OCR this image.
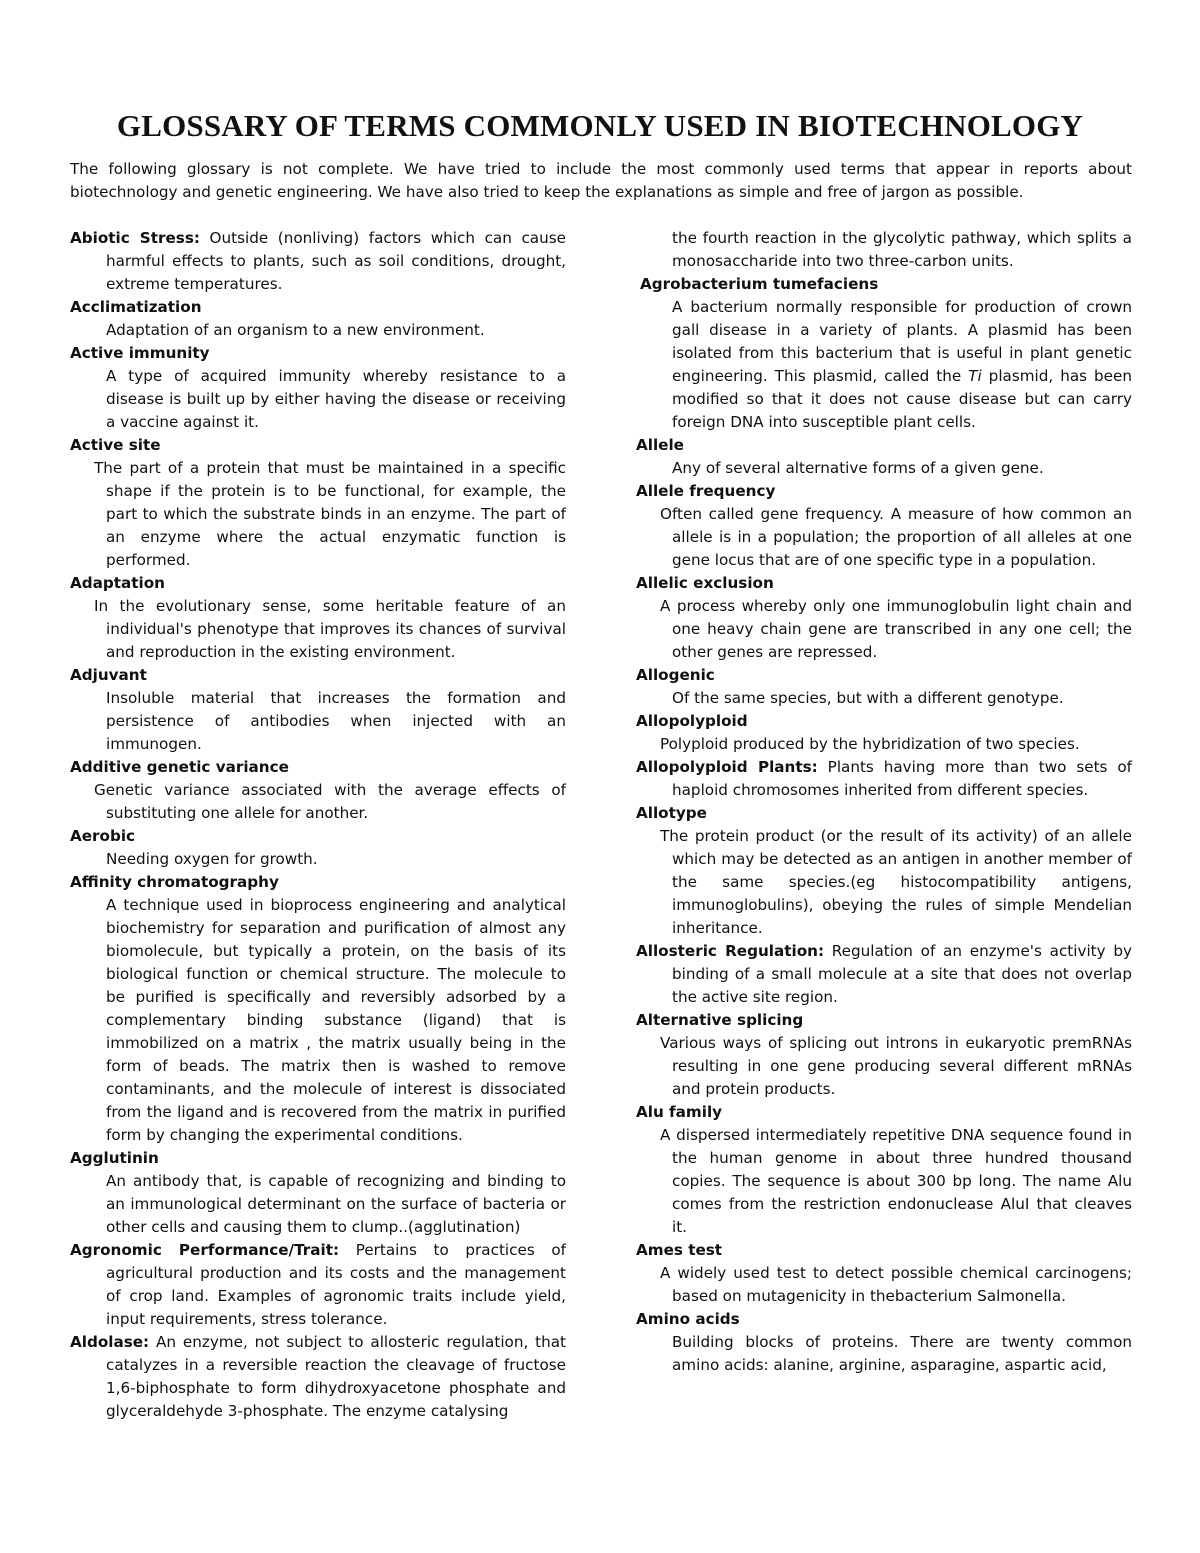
GLOSSARY OF TERMS COMMONLY USED IN BIOTECHNOLOGY

The following glossary is not complete. We have tried to include the most commonly used terms that appear in reports about biotechnology and genetic engineering. We have also tried to keep the explanations as simple and free of jargon as possible.

Abiotic Stress: Outside (nonliving) factors which can cause harmful effects to plants, such as soil conditions, drought, extreme temperatures.
Acclimatization
Adaptation of an organism to a new environment.
Active immunity
A type of acquired immunity whereby resistance to a disease is built up by either having the disease or receiving a vaccine against it.
Active site
The part of a protein that must be maintained in a specific shape if the protein is to be functional, for example, the part to which the substrate binds in an enzyme. The part of an enzyme where the actual enzymatic function is performed.
Adaptation
In the evolutionary sense, some heritable feature of an individual's phenotype that improves its chances of survival and reproduction in the existing environment.
Adjuvant
Insoluble material that increases the formation and persistence of antibodies when injected with an immunogen.
Additive genetic variance
Genetic variance associated with the average effects of substituting one allele for another.
Aerobic
Needing oxygen for growth.
Affinity chromatography
A technique used in bioprocess engineering and analytical biochemistry for separation and purification of almost any biomolecule, but typically a protein, on the basis of its biological function or chemical structure. The molecule to be purified is specifically and reversibly adsorbed by a complementary binding substance (ligand) that is immobilized on a matrix , the matrix usually being in the form of beads. The matrix then is washed to remove contaminants, and the molecule of interest is dissociated from the ligand and is recovered from the matrix in purified form by changing the experimental conditions.
Agglutinin
An antibody that, is capable of recognizing and binding to an immunological determinant on the surface of bacteria or other cells and causing them to clump..(agglutination)
Agronomic Performance/Trait: Pertains to practices of agricultural production and its costs and the management of crop land. Examples of agronomic traits include yield, input requirements, stress tolerance.
Aldolase: An enzyme, not subject to allosteric regulation, that catalyzes in a reversible reaction the cleavage of fructose 1,6-biphosphate to form dihydroxyacetone phosphate and glyceraldehyde 3-phosphate. The enzyme catalysing
the fourth reaction in the glycolytic pathway, which splits a monosaccharide into two three-carbon units.
Agrobacterium tumefaciens
A bacterium normally responsible for production of crown gall disease in a variety of plants. A plasmid has been isolated from this bacterium that is useful in plant genetic engineering. This plasmid, called the Ti plasmid, has been modified so that it does not cause disease but can carry foreign DNA into susceptible plant cells.
Allele
Any of several alternative forms of a given gene.
Allele frequency
Often called gene frequency. A measure of how common an allele is in a population; the proportion of all alleles at one gene locus that are of one specific type in a population.
Allelic exclusion
A process whereby only one immunoglobulin light chain and one heavy chain gene are transcribed in any one cell; the other genes are repressed.
Allogenic
Of the same species, but with a different genotype.
Allopolyploid
Polyploid produced by the hybridization of two species.
Allopolyploid Plants: Plants having more than two sets of haploid chromosomes inherited from different species.
Allotype
The protein product (or the result of its activity) of an allele which may be detected as an antigen in another member of the same species.(eg histocompatibility antigens, immunoglobulins), obeying the rules of simple Mendelian inheritance.
Allosteric Regulation: Regulation of an enzyme's activity by binding of a small molecule at a site that does not overlap the active site region.
Alternative splicing
Various ways of splicing out introns in eukaryotic premRNAs resulting in one gene producing several different mRNAs and protein products.
Alu family
A dispersed intermediately repetitive DNA sequence found in the human genome in about three hundred thousand copies. The sequence is about 300 bp long. The name Alu comes from the restriction endonuclease AluI that cleaves it.
Ames test
A widely used test to detect possible chemical carcinogens; based on mutagenicity in thebacterium Salmonella.
Amino acids
Building blocks of proteins. There are twenty common amino acids: alanine, arginine, asparagine, aspartic acid,
